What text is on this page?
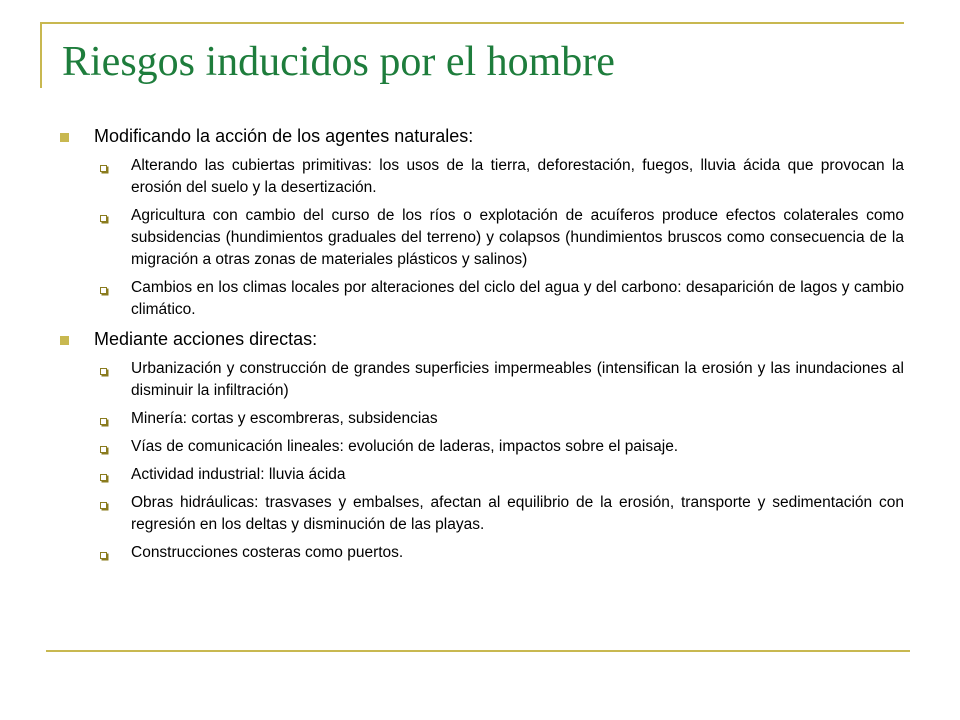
Riesgos inducidos por el hombre
Modificando la acción de los agentes naturales:
Alterando las cubiertas primitivas: los usos de la tierra, deforestación, fuegos, lluvia ácida que provocan la erosión del suelo y la desertización.
Agricultura con cambio del curso de los ríos o explotación de acuíferos produce efectos colaterales como subsidencias (hundimientos graduales del terreno) y colapsos (hundimientos bruscos como consecuencia de la migración a otras zonas de materiales plásticos y salinos)
Cambios en los climas locales por alteraciones del ciclo del agua y del carbono: desaparición de lagos y cambio climático.
Mediante acciones directas:
Urbanización y construcción de grandes superficies impermeables (intensifican la erosión y las inundaciones al disminuir la infiltración)
Minería: cortas y escombreras, subsidencias
Vías de comunicación lineales: evolución de laderas, impactos sobre el paisaje.
Actividad industrial: lluvia ácida
Obras hidráulicas: trasvases y embalses, afectan al equilibrio de la erosión, transporte y sedimentación con regresión en los deltas y disminución de las playas.
Construcciones costeras como puertos.
